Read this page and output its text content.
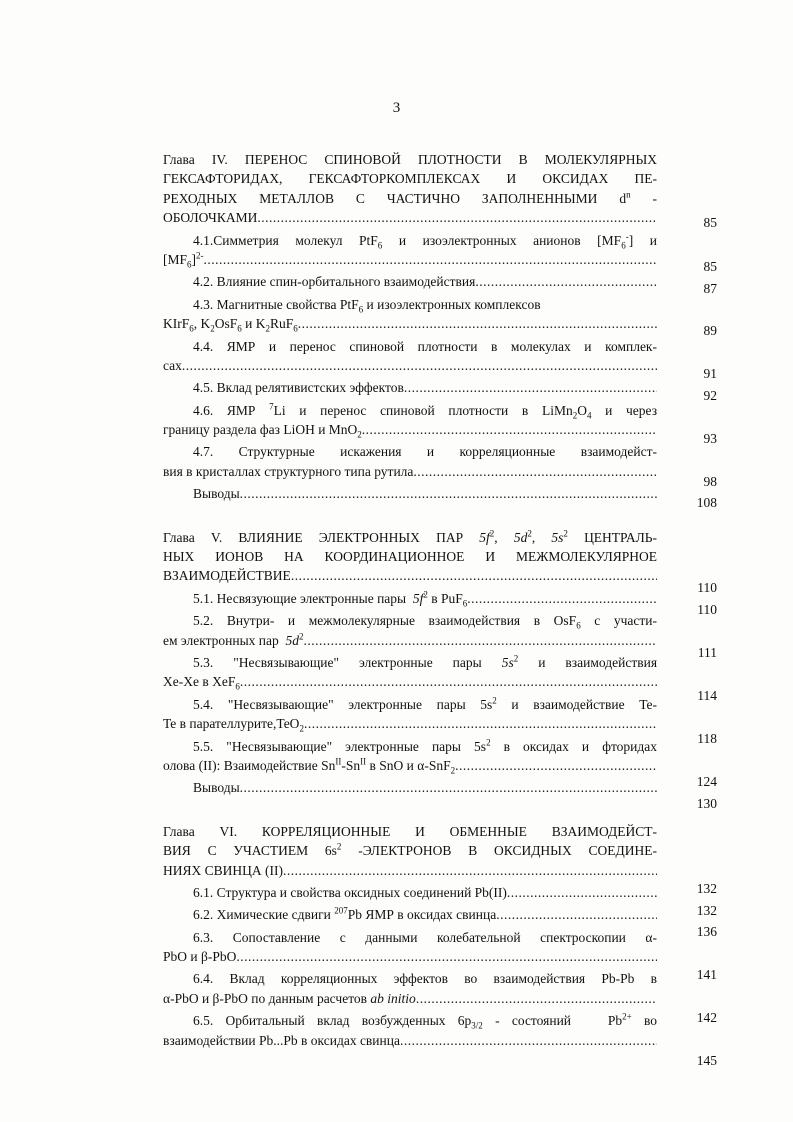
3
Глава IV. ПЕРЕНОС СПИНОВОЙ ПЛОТНОСТИ В МОЛЕКУЛЯРНЫХ
ГЕКСАФТОРИДАХ, ГЕКСАФТОРКОМПЛЕКСАХ И ОКСИДАХ ПЕ-
РЕХОДНЫХ МЕТАЛЛОВ С ЧАСТИЧНО ЗАПОЛНЕННЫМИ $d^n$ -
ОБОЛОЧКАМИ
.....
4.1.Симметрия молекул PtF$_6$ и изоэлектронных анионов $[MF_6^-]$ и
$[MF_6]^{2-}$
.....
4.2. Влияние спин-орбитального взаимодействия
.....
4.3. Магнитные свойства PtF$_6$ и изоэлектронных комплексов
KIrF$_6$, $K_2OsF_6$ и $K_2RuF_6$
.....
4.4. ЯМР и перенос спиновой плотности в молекулах и комплек-
сах
.....
4.5. Вклад релятивистских эффектов
.....
4.6. ЯМР $^7$Li и перенос спиновой плотности в $LiMn_2O_4$ и через
границу раздела фаз LiOH и MnO$_2$
.....
4.7. Структурные искажения и корреляционные взаимодейст-
вия в кристаллах структурного типа рутила
.....
Выводы
.....
Глава V. ВЛИЯНИЕ ЭЛЕКТРОННЫХ ПАР $5f^2$, $5d^2$, $5s^2$ ЦЕНТРАЛЬ-
НЫХ ИОНОВ НА КООРДИНАЦИОННОЕ И МЕЖМОЛЕКУЛЯРНОЕ
ВЗАИМОДЕЙСТВИЕ
.....
5.1. Несвязующие электронные пары $5f^2$ в PuF$_6$
.....
5.2. Внутри- и межмолекулярные взаимодействия в OsF$_6$ с участи-
ем электронных пар $5d^2$
.....
5.3. "Несвязывающие" электронные пары $5s^2$ и взаимодействия
Xe-Xe в XeF$_6$
.....
5.4. "Несвязывающие" электронные пары $5s^2$ и взаимодействие Te-
Te в парателлурите,TeO$_2$
.....
5.5. "Несвязывающие" электронные пары $5s^2$ в оксидах и фторидах
олова (II): Взаимодействие $Sn^{II}-Sn^{II}$ в SnO и α-SnF$_2$
.....
Выводы
.....
Глава VI. КОРРЕЛЯЦИОННЫЕ И ОБМЕННЫЕ ВЗАИМОДЕЙСТ-
ВИЯ С УЧАСТИЕМ $6s^2$ -ЭЛЕКТРОНОВ В ОКСИДНЫХ СОЕДИНЕ-
НИЯХ СВИНЦА (II)
.....
6.1. Структура и свойства оксидных соединений Pb(II)
.....
6.2. Химические сдвиги $^{207}$Pb ЯМР в оксидах свинца
.....
6.3. Сопоставление с данными колебательной спектроскопии α-
PbO и β-PbO
.....
6.4. Вклад корреляционных эффектов во взаимодействия Pb-Pb в
α-PbO и β-PbO по данным расчетов ab initio
.....
6.5. Орбитальный вклад возбужденных $6p_{3/2}$ - состояний	$Pb^{2+}$ во
взаимодействии Pb...Pb в оксидах свинца
.....
85
85
87
89
91
92
93
98
108
110
110
111
114
118
124
130
132
132
136
141
142
145
